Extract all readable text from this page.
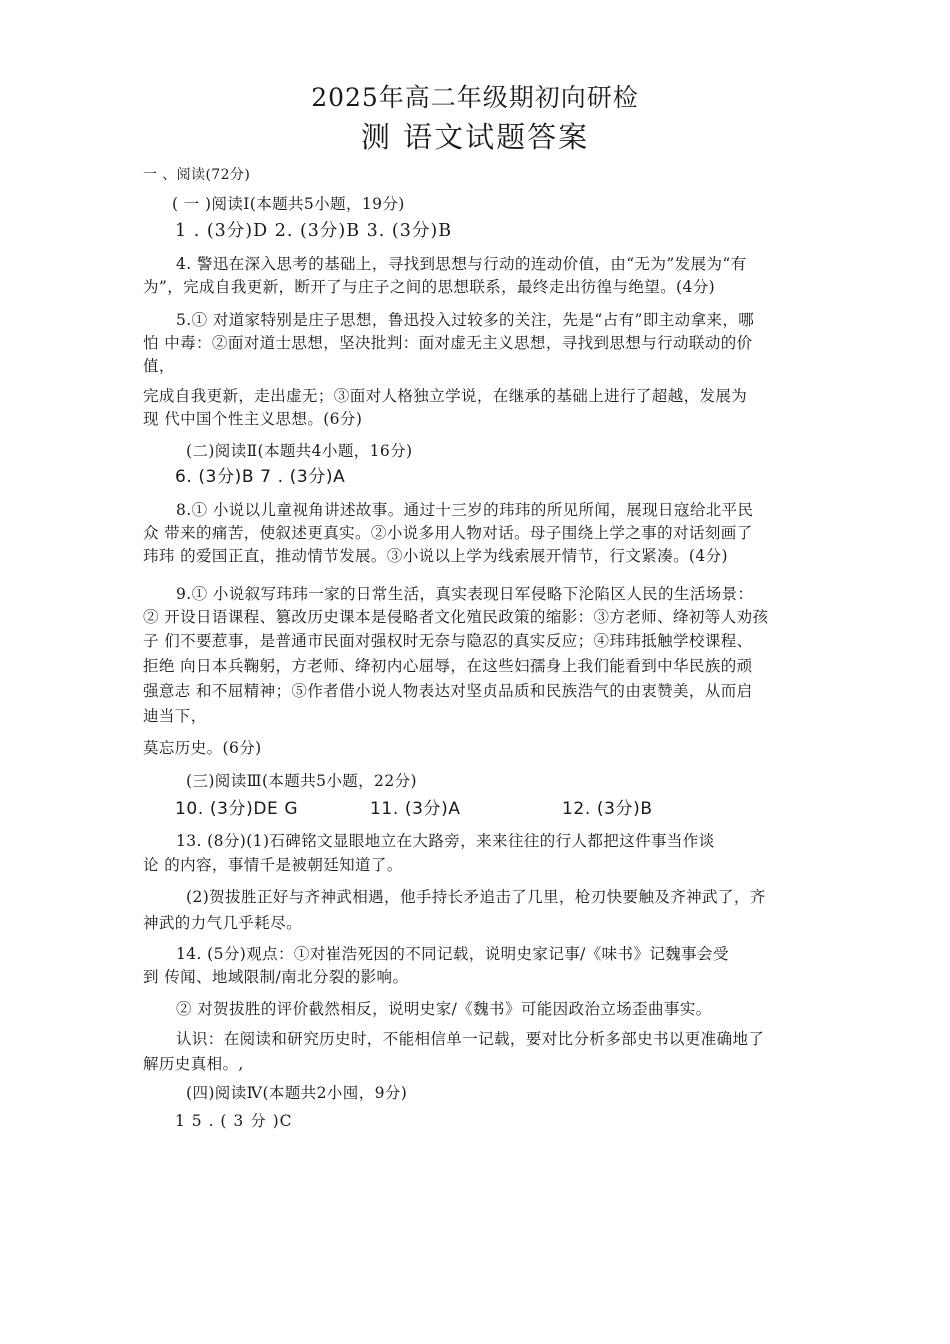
2025年高二年级期初向研检
测 语文试题答案
一 、阅读(72分)
( 一 )阅读Ⅰ(本题共5小题，19分)
1 . (3分)D 2. (3分)B 3. (3分)B
4. 警迅在深入思考的基础上，寻找到思想与行动的连动价值，由“无为”发展为“有
为”，完成自我更新，断开了与庄子之间的思想联系，最终走出彷徨与绝望。(4分)
5.① 对道家特别是庄子思想，鲁迅投入过较多的关注，先是“占有”即主动拿来，哪
怕 中毒：②面对道士思想，坚决批判：面对虚无主义思想，寻找到思想与行动联动的价
值，
完成自我更新，走出虚无；③面对人格独立学说，在继承的基础上进行了超越，发展为
现 代中国个性主义思想。(6分)
(二)阅读Ⅱ(本题共4小题，16分)
6. (3分)B 7 . (3分)A
8.① 小说以儿童视角讲述故事。通过十三岁的玮玮的所见所闻，展现日寇给北平民
众 带来的痛苦，使叙述更真实。②小说多用人物对话。母子围绕上学之事的对话刻画了
玮玮 的爱国正直，推动情节发展。③小说以上学为线索展开情节，行文紧凑。(4分)
9.① 小说叙写玮玮一家的日常生活，真实表现日军侵略下沦陷区人民的生活场景：
② 开设日语课程、篡改历史课本是侵略者文化殖民政策的缩影：③方老师、绛初等人劝孩
子 们不要惹事，是普通市民面对强权时无奈与隐忍的真实反应；④玮玮抵触学校课程、
拒绝 向日本兵鞠躬，方老师、绛初内心屈辱，在这些妇孺身上我们能看到中华民族的顽
强意志 和不屈精神；⑤作者借小说人物表达对坚贞品质和民族浩气的由衷赞美，从而启
迪当下，
莫忘历史。(6分)
(三)阅读Ⅲ(本题共5小题，22分)
10. (3分)DE G	11. (3分)A	12. (3分)B
13. (8分)(1)石碑铭文显眼地立在大路旁，来来往往的行人都把这件事当作谈
论 的内容，事情千是被朝廷知道了。
(2)贺拔胜正好与齐神武相遇，他手持长矛追击了几里，枪刃快要触及齐神武了，齐
神武的力气几乎耗尽。
14. (5分)观点：①对崔浩死因的不同记载，说明史家记事/《味书》记魏事会受
到 传闻、地域限制/南北分裂的影响。
② 对贺拔胜的评价截然相反，说明史家/《魏书》可能因政治立场歪曲事实。
认识：在阅读和研究历史时，不能相信单一记载，要对比分析多部史书以更准确地了
解历史真相。,
(四)阅读Ⅳ(本题共2小囤，9分)
1 5 . ( 3 分 )C
